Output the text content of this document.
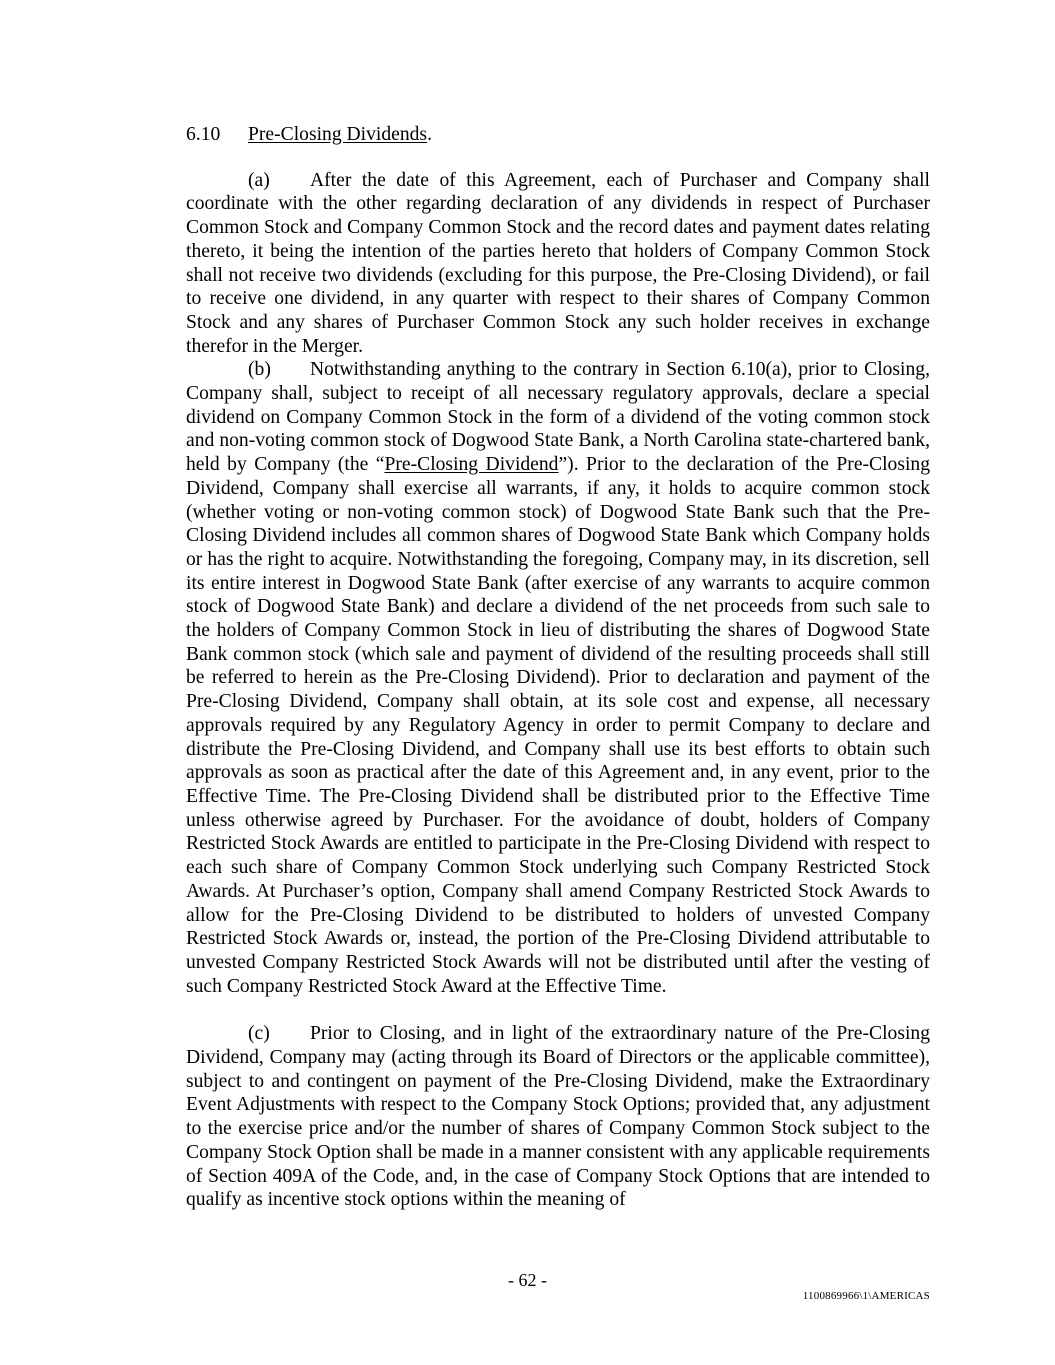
6.10 Pre-Closing Dividends.

(a) After the date of this Agreement, each of Purchaser and Company shall coordinate with the other regarding declaration of any dividends in respect of Purchaser Common Stock and Company Common Stock and the record dates and payment dates relating thereto, it being the intention of the parties hereto that holders of Company Common Stock shall not receive two dividends (excluding for this purpose, the Pre-Closing Dividend), or fail to receive one dividend, in any quarter with respect to their shares of Company Common Stock and any shares of Purchaser Common Stock any such holder receives in exchange therefor in the Merger.

(b) Notwithstanding anything to the contrary in Section 6.10(a), prior to Closing, Company shall, subject to receipt of all necessary regulatory approvals, declare a special dividend on Company Common Stock in the form of a dividend of the voting common stock and non-voting common stock of Dogwood State Bank, a North Carolina state-chartered bank, held by Company (the “Pre-Closing Dividend”). Prior to the declaration of the Pre-Closing Dividend, Company shall exercise all warrants, if any, it holds to acquire common stock (whether voting or non-voting common stock) of Dogwood State Bank such that the Pre-Closing Dividend includes all common shares of Dogwood State Bank which Company holds or has the right to acquire. Notwithstanding the foregoing, Company may, in its discretion, sell its entire interest in Dogwood State Bank (after exercise of any warrants to acquire common stock of Dogwood State Bank) and declare a dividend of the net proceeds from such sale to the holders of Company Common Stock in lieu of distributing the shares of Dogwood State Bank common stock (which sale and payment of dividend of the resulting proceeds shall still be referred to herein as the Pre-Closing Dividend). Prior to declaration and payment of the Pre-Closing Dividend, Company shall obtain, at its sole cost and expense, all necessary approvals required by any Regulatory Agency in order to permit Company to declare and distribute the Pre-Closing Dividend, and Company shall use its best efforts to obtain such approvals as soon as practical after the date of this Agreement and, in any event, prior to the Effective Time. The Pre-Closing Dividend shall be distributed prior to the Effective Time unless otherwise agreed by Purchaser. For the avoidance of doubt, holders of Company Restricted Stock Awards are entitled to participate in the Pre-Closing Dividend with respect to each such share of Company Common Stock underlying such Company Restricted Stock Awards. At Purchaser’s option, Company shall amend Company Restricted Stock Awards to allow for the Pre-Closing Dividend to be distributed to holders of unvested Company Restricted Stock Awards or, instead, the portion of the Pre-Closing Dividend attributable to unvested Company Restricted Stock Awards will not be distributed until after the vesting of such Company Restricted Stock Award at the Effective Time.

(c) Prior to Closing, and in light of the extraordinary nature of the Pre-Closing Dividend, Company may (acting through its Board of Directors or the applicable committee), subject to and contingent on payment of the Pre-Closing Dividend, make the Extraordinary Event Adjustments with respect to the Company Stock Options; provided that, any adjustment to the exercise price and/or the number of shares of Company Common Stock subject to the Company Stock Option shall be made in a manner consistent with any applicable requirements of Section 409A of the Code, and, in the case of Company Stock Options that are intended to qualify as incentive stock options within the meaning of

- 62 -
1100869966\1\AMERICAS
